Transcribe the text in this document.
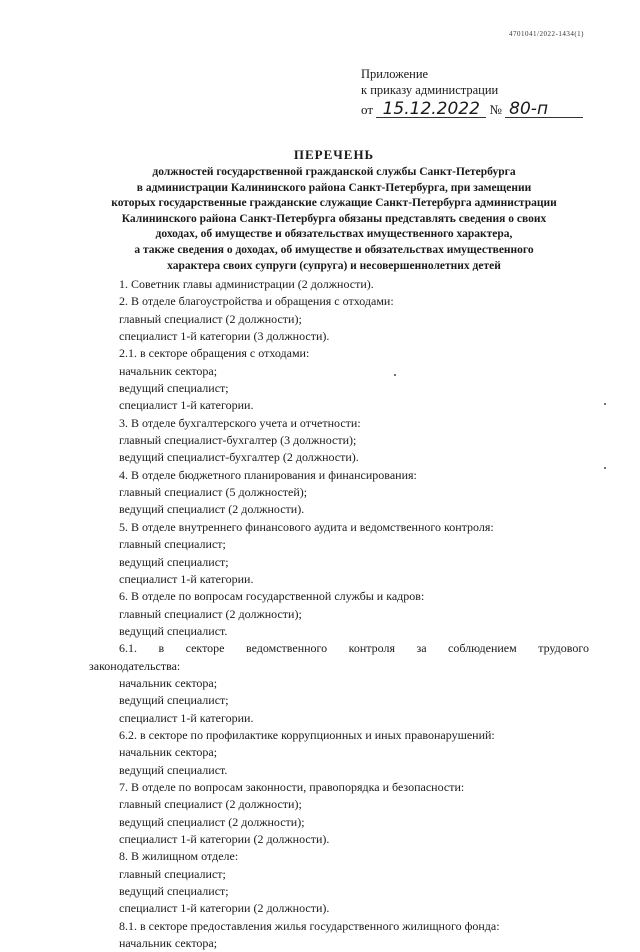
4701041/2022-1434(1)
Приложение
к приказу администрации
от 15.12.2022 № 80-п
ПЕРЕЧЕНЬ
должностей государственной гражданской службы Санкт-Петербурга
в администрации Калининского района Санкт-Петербурга, при замещении
которых государственные гражданские служащие Санкт-Петербурга администрации
Калининского района Санкт-Петербурга обязаны представлять сведения о своих
доходах, об имуществе и обязательствах имущественного характера,
а также сведения о доходах, об имуществе и обязательствах имущественного
характера своих супруги (супруга) и несовершеннолетних детей
1. Советник главы администрации (2 должности).
2. В отделе благоустройства и обращения с отходами:
главный специалист (2 должности);
специалист 1-й категории (3 должности).
2.1. в секторе обращения с отходами:
начальник сектора;
ведущий специалист;
специалист 1-й категории.
3. В отделе бухгалтерского учета и отчетности:
главный специалист-бухгалтер (3 должности);
ведущий специалист-бухгалтер (2 должности).
4. В отделе бюджетного планирования и финансирования:
главный специалист (5 должностей);
ведущий специалист (2 должности).
5. В отделе внутреннего финансового аудита и ведомственного контроля:
главный специалист;
ведущий специалист;
специалист 1-й категории.
6. В отделе по вопросам государственной службы и кадров:
главный специалист (2 должности);
ведущий специалист.
6.1. в секторе ведомственного контроля за соблюдением трудового
законодательства:
начальник сектора;
ведущий специалист;
специалист 1-й категории.
6.2. в секторе по профилактике коррупционных и иных правонарушений:
начальник сектора;
ведущий специалист.
7. В отделе по вопросам законности, правопорядка и безопасности:
главный специалист (2 должности);
ведущий специалист (2 должности);
специалист 1-й категории (2 должности).
8. В жилищном отделе:
главный специалист;
ведущий специалист;
специалист 1-й категории (2 должности).
8.1. в секторе предоставления жилья государственного жилищного фонда:
начальник сектора;
